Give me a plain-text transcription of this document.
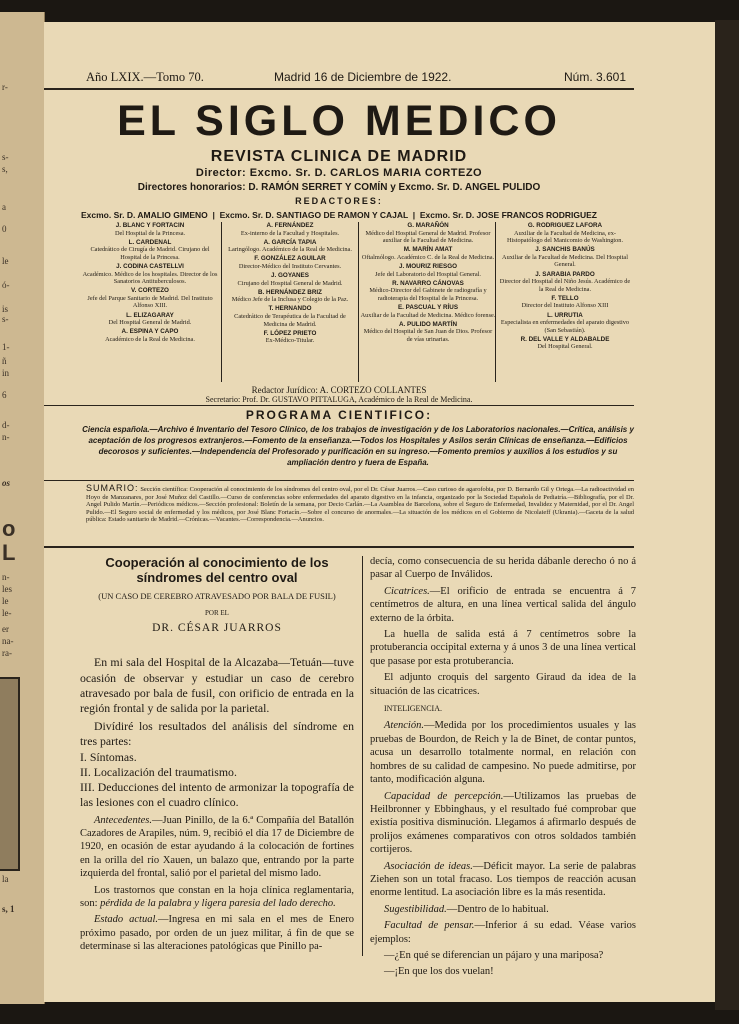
r-
s-
s,
a
0
le
ó-
is
s-
1-
ñ
in
6
d-
n-
os
o
L
n-
les
le
le-
er
na-
ra-
la
s, 1
Año LXIX.—Tomo 70.	Madrid 16 de Diciembre de 1922.	Núm. 3.601
EL SIGLO MEDICO
REVISTA CLINICA DE MADRID
Director: Excmo. Sr. D. CARLOS MARIA CORTEZO
Directores honorarios: D. RAMÓN SERRET Y COMÍN y Excmo. Sr. D. ANGEL PULIDO
REDACTORES:
Excmo. Sr. D. AMALIO GIMENO  |  Excmo. Sr. D. SANTIAGO DE RAMON Y CAJAL  |  Excmo. Sr. D. JOSE FRANCOS RODRIGUEZ
J. BLANC Y FORTACIN
Del Hospital de la Princesa.
L. CARDENAL
Catedrático de Cirugía de Madrid. Cirujano del Hospital de la Princesa.
J. CODINA CASTELLVI
Académico. Médico de los hospitales. Director de los Sanatorios Antituberculosos.
V. CORTEZO
Jefe del Parque Sanitario de Madrid. Del Instituto Alfonso XIII.
L. ELIZAGARAY
Del Hospital General de Madrid.
A. ESPINA Y CAPO
Académico de la Real de Medicina.
A. FERNÁNDEZ
Ex-interno de la Facultad y Hospitales.
A. GARCÍA TAPIA
Laringólogo. Académico de la Real de Medicina.
F. GONZÁLEZ AGUILAR
Director-Médico del Instituto Cervantes.
J. GOYANES
Cirujano del Hospital General de Madrid.
B. HERNÁNDEZ BRIZ
Médico Jefe de la Inclusa y Colegio de la Paz.
T. HERNANDO
Catedrático de Terapéutica de la Facultad de Medicina de Madrid.
F. LÓPEZ PRIETO
Ex-Médico-Titular.
G. MARAÑÓN
Médico del Hospital General de Madrid. Profesor auxiliar de la Facultad de Medicina.
M. MARÍN AMAT
Oftalmólogo. Académico C. de la Real de Medicina.
J. MOURIZ RIESGO
Jefe del Laboratorio del Hospital General.
R. NAVARRO CÁNOVAS
Médico-Director del Gabinete de radiografía y radioterapia del Hospital de la Princesa.
E. PASCUAL Y RÍUS
Auxiliar de la Facultad de Medicina. Médico forense.
A. PULIDO MARTÍN
Médico del Hospital de San Juan de Dios. Profesor de vías urinarias.
G. RODRIGUEZ LAFORA
Auxiliar de la Facultad de Medicina, ex-Histopatólogo del Manicomio de Washington.
J. SANCHIS BANÚS
Auxiliar de la Facultad de Medicina. Del Hospital General.
J. SARABIA PARDO
Director del Hospital del Niño Jesús. Académico de la Real de Medicina.
F. TELLO
Director del Instituto Alfonso XIII
L. URRUTIA
Especialista en enfermedades del aparato digestivo (San Sebastián).
R. DEL VALLE Y ALDABALDE
Del Hospital General.
Redactor Jurídico: A. CORTEZO COLLANTES
Secretario: Prof. Dr. GUSTAVO PITTALUGA, Académico de la Real de Medicina.
PROGRAMA CIENTIFICO:
Ciencia española.—Archivo é Inventario del Tesoro Clínico, de los trabajos de investigación y de los Laboratorios nacionales.—Crítica, análisis y aceptación de los progresos extranjeros.—Fomento de la enseñanza.—Todos los Hospitales y Asilos serán Clínicas de enseñanza.—Edificios decorosos y suficientes.—Independencia del Profesorado y purificación en su ingreso.—Fomento premios y auxilios á los estudios y su ampliación dentro y fuera de España.
SUMARIO: Sección científica: Cooperación al conocimiento de los síndromes del centro oval, por el Dr. César Juarros.—Caso curioso de agarofobia, por D. Bernardo Gil y Ortega.—La radioactividad en Hoyo de Manzanares, por José Muñoz del Castillo.—Curso de conferencias sobre enfermedades del aparato digestivo en la infancia, organizado por la Sociedad Española de Pediatría.—Bibliografía, por el Dr. Angel Pulido Martín.—Periódicos médicos.—Sección profesional: Boletín de la semana, por Decio Carlán.—La Asamblea de Barcelona, sobre el Seguro de Enfermedad, Invalidez y Maternidad, por el Dr. Angel Pulido.—El Seguro social de enfermedad y los médicos, por José Blanc Fortacín.—Sobre el concurso de anormales.—La situación de los médicos en el Gobierno de Nicolaieff (Ukrania).—Gaceta de la salud pública: Estado sanitario de Madrid.—Crónicas.—Vacantes.—Correspondencia.—Anuncios.
Cooperación al conocimiento de los síndromes del centro oval
(UN CASO DE CEREBRO ATRAVESADO POR BALA DE FUSIL)
POR EL
DR. CÉSAR JUARROS

En mi sala del Hospital de la Alcazaba—Tetuán—tuve ocasión de observar y estudiar un caso de cerebro atravesado por bala de fusil, con orificio de entrada en la región frontal y de salida por la parietal.

Divídiré los resultados del análisis del síndrome en tres partes:

I. Síntomas.

II. Localización del traumatismo.

III. Deducciones del intento de armonizar la topografía de las lesiones con el cuadro clínico.

Antecedentes.—Juan Pinillo, de la 6.ª Compañía del Batallón Cazadores de Arapiles, núm. 9, recibió el día 17 de Diciembre de 1920, en ocasión de estar ayudando á la colocación de fortines en la orilla del río Xauen, un balazo que, entrando por la parte izquierda del frontal, salió por el parietal del mismo lado.

Los trastornos que constan en la hoja clínica reglamentaria, son: pérdida de la palabra y ligera paresia del lado derecho.

Estado actual.—Ingresa en mi sala en el mes de Enero próximo pasado, por orden de un juez militar, á fin de que se determinase si las alteraciones patológicas que Pinillo pa-

decía, como consecuencia de su herida dábanle derecho ó no á pasar al Cuerpo de Inválidos.

Cicatrices.—El orificio de entrada se encuentra á 7 centímetros de altura, en una línea vertical salida del ángulo externo de la órbita.

La huella de salida está á 7 centímetros sobre la protuberancia occipital externa y á unos 3 de una línea vertical que pasase por esta protuberancia.

El adjunto croquis del sargento Giraud da idea de la situación de las cicatrices.

INTELIGENCIA.

Atención.—Medida por los procedimientos usuales y las pruebas de Bourdon, de Reich y la de Binet, de contar puntos, acusa un desarrollo totalmente normal, en relación con hombres de su calidad de campesino. No puede admitirse, por tanto, modificación alguna.

Capacidad de percepción.—Utilizamos las pruebas de Heilbronner y Ebbinghaus, y el resultado fué comprobar que existía positiva disminución. Llegamos á afirmarlo después de prolijos exámenes comparativos con otros soldados también cortijeros.

Asociación de ideas.—Déficit mayor. La serie de palabras Ziehen son un total fracaso. Los tiempos de reacción acusan enorme lentitud. La asociación libre es la más resentida.

Sugestibilidad.—Dentro de lo habitual.

Facultad de pensar.—Inferior á su edad. Véase varios ejemplos:

—¿En qué se diferencian un pájaro y una mariposa?

—¡En que los dos vuelan!
